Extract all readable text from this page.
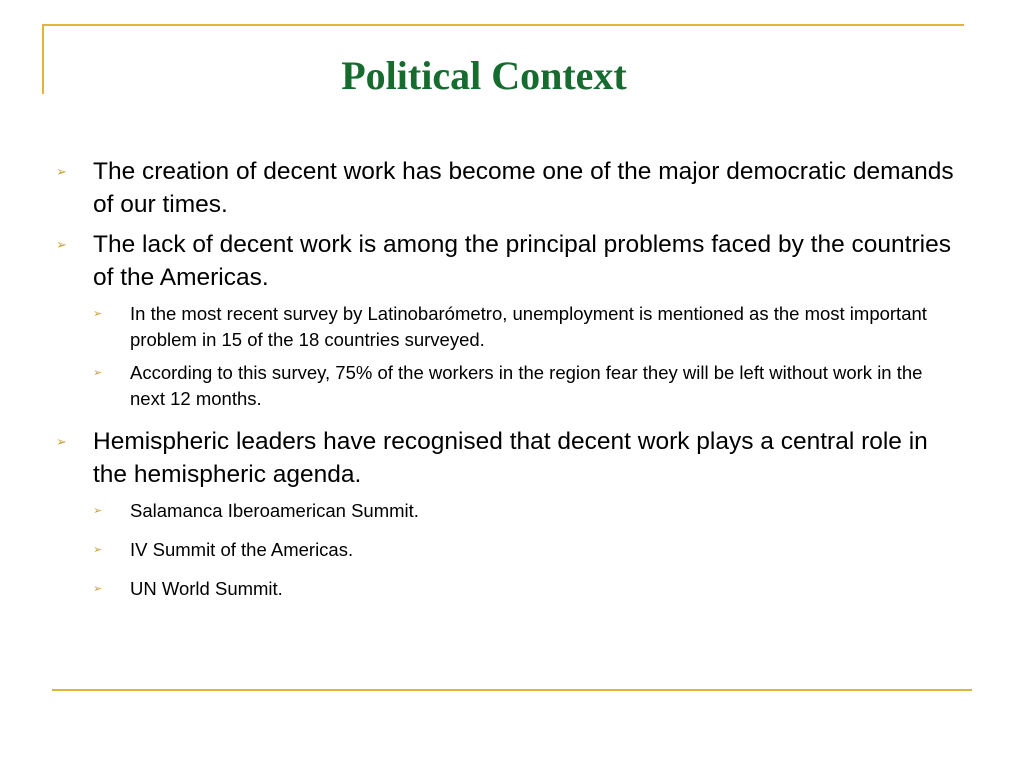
Political Context
➢ The creation of decent work has become one of the major democratic demands of our times.
➢ The lack of decent work is among the principal problems faced by the countries of the Americas.
➢ In the most recent survey by Latinobarómetro, unemployment is mentioned as the most important problem in 15 of the 18 countries surveyed.
➢ According to this survey, 75% of the workers in the region fear they will be left without work in the next 12 months.
➢ Hemispheric leaders have recognised that decent work plays a central role in the hemispheric agenda.
➢ Salamanca Iberoamerican Summit.
➢ IV Summit of the Americas.
➢ UN World Summit.
